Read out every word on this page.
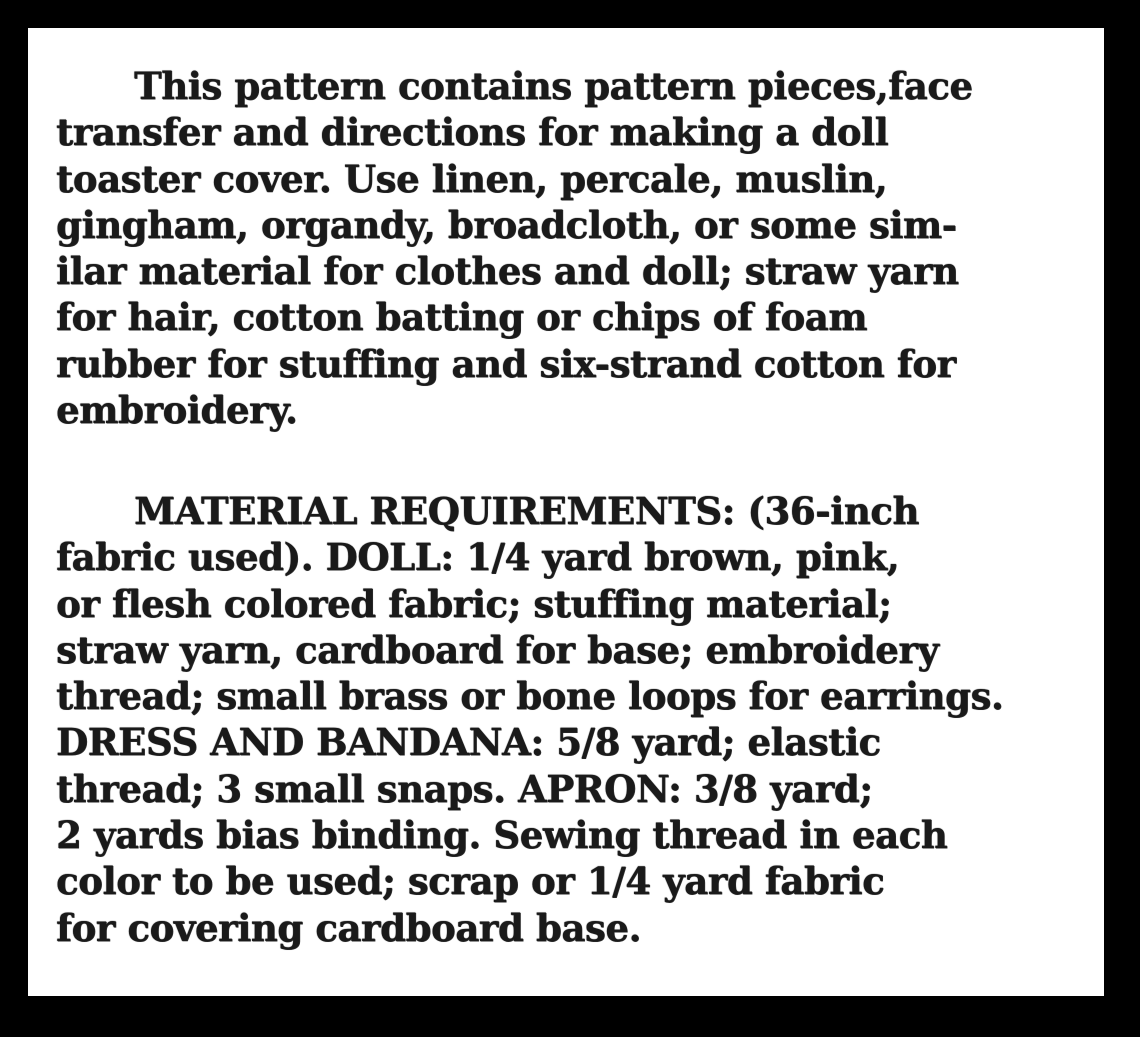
This pattern contains pattern pieces,face
transfer and directions for making a doll
toaster cover. Use linen, percale, muslin,
gingham, organdy, broadcloth, or some sim-
ilar material for clothes and doll; straw yarn
for hair, cotton batting or chips of foam
rubber for stuffing and six-strand cotton for
embroidery.
MATERIAL REQUIREMENTS: (36-inch
fabric used). DOLL: 1/4 yard brown, pink,
or flesh colored fabric; stuffing material;
straw yarn, cardboard for base; embroidery
thread; small brass or bone loops for earrings.
DRESS AND BANDANA: 5/8 yard; elastic
thread; 3 small snaps. APRON: 3/8 yard;
2 yards bias binding. Sewing thread in each
color to be used; scrap or 1/4 yard fabric
for covering cardboard base.
